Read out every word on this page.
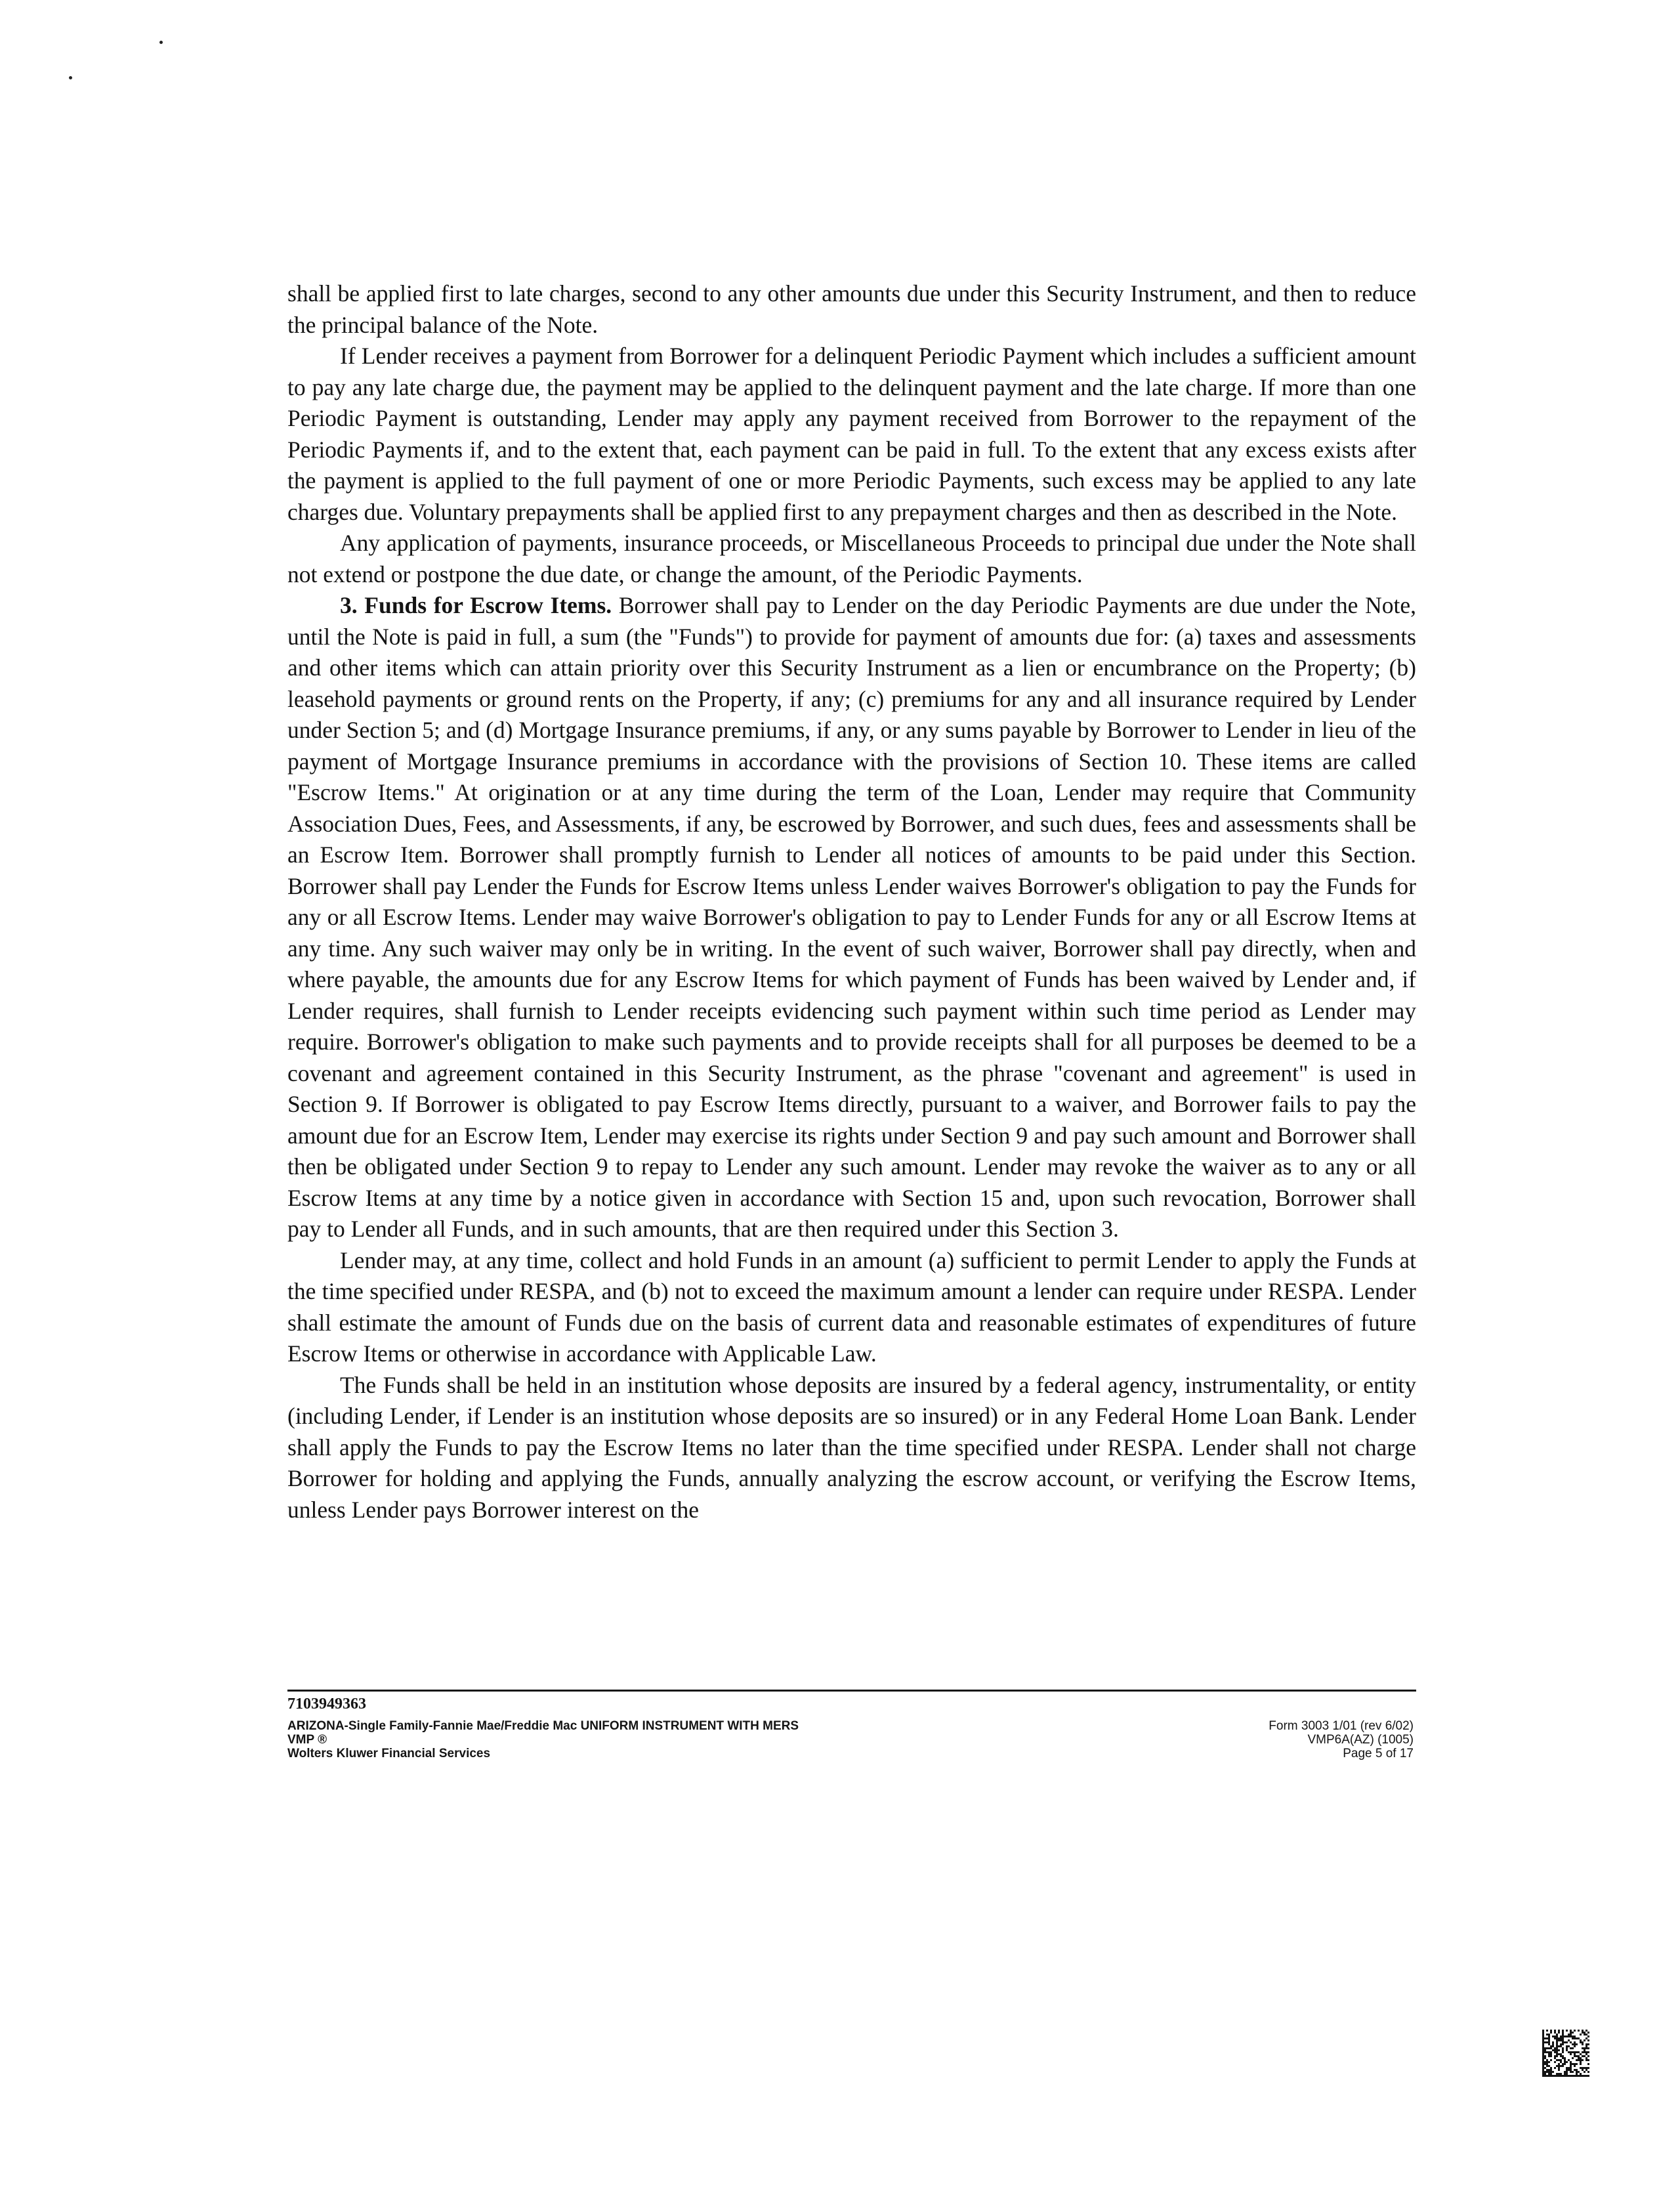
shall be applied first to late charges, second to any other amounts due under this Security Instrument, and then to reduce the principal balance of the Note.

If Lender receives a payment from Borrower for a delinquent Periodic Payment which includes a sufficient amount to pay any late charge due, the payment may be applied to the delinquent payment and the late charge. If more than one Periodic Payment is outstanding, Lender may apply any payment received from Borrower to the repayment of the Periodic Payments if, and to the extent that, each payment can be paid in full. To the extent that any excess exists after the payment is applied to the full payment of one or more Periodic Payments, such excess may be applied to any late charges due. Voluntary prepayments shall be applied first to any prepayment charges and then as described in the Note.

Any application of payments, insurance proceeds, or Miscellaneous Proceeds to principal due under the Note shall not extend or postpone the due date, or change the amount, of the Periodic Payments.

3. Funds for Escrow Items. Borrower shall pay to Lender on the day Periodic Payments are due under the Note, until the Note is paid in full, a sum (the "Funds") to provide for payment of amounts due for: (a) taxes and assessments and other items which can attain priority over this Security Instrument as a lien or encumbrance on the Property; (b) leasehold payments or ground rents on the Property, if any; (c) premiums for any and all insurance required by Lender under Section 5; and (d) Mortgage Insurance premiums, if any, or any sums payable by Borrower to Lender in lieu of the payment of Mortgage Insurance premiums in accordance with the provisions of Section 10. These items are called "Escrow Items." At origination or at any time during the term of the Loan, Lender may require that Community Association Dues, Fees, and Assessments, if any, be escrowed by Borrower, and such dues, fees and assessments shall be an Escrow Item. Borrower shall promptly furnish to Lender all notices of amounts to be paid under this Section. Borrower shall pay Lender the Funds for Escrow Items unless Lender waives Borrower's obligation to pay the Funds for any or all Escrow Items. Lender may waive Borrower's obligation to pay to Lender Funds for any or all Escrow Items at any time. Any such waiver may only be in writing. In the event of such waiver, Borrower shall pay directly, when and where payable, the amounts due for any Escrow Items for which payment of Funds has been waived by Lender and, if Lender requires, shall furnish to Lender receipts evidencing such payment within such time period as Lender may require. Borrower's obligation to make such payments and to provide receipts shall for all purposes be deemed to be a covenant and agreement contained in this Security Instrument, as the phrase "covenant and agreement" is used in Section 9. If Borrower is obligated to pay Escrow Items directly, pursuant to a waiver, and Borrower fails to pay the amount due for an Escrow Item, Lender may exercise its rights under Section 9 and pay such amount and Borrower shall then be obligated under Section 9 to repay to Lender any such amount. Lender may revoke the waiver as to any or all Escrow Items at any time by a notice given in accordance with Section 15 and, upon such revocation, Borrower shall pay to Lender all Funds, and in such amounts, that are then required under this Section 3.

Lender may, at any time, collect and hold Funds in an amount (a) sufficient to permit Lender to apply the Funds at the time specified under RESPA, and (b) not to exceed the maximum amount a lender can require under RESPA. Lender shall estimate the amount of Funds due on the basis of current data and reasonable estimates of expenditures of future Escrow Items or otherwise in accordance with Applicable Law.

The Funds shall be held in an institution whose deposits are insured by a federal agency, instrumentality, or entity (including Lender, if Lender is an institution whose deposits are so insured) or in any Federal Home Loan Bank. Lender shall apply the Funds to pay the Escrow Items no later than the time specified under RESPA. Lender shall not charge Borrower for holding and applying the Funds, annually analyzing the escrow account, or verifying the Escrow Items, unless Lender pays Borrower interest on the

7103949363
ARIZONA-Single Family-Fannie Mae/Freddie Mac UNIFORM INSTRUMENT WITH MERS
VMP ®
Wolters Kluwer Financial Services
Form 3003 1/01 (rev 6/02)
VMP6A(AZ) (1005)
Page 5 of 17
